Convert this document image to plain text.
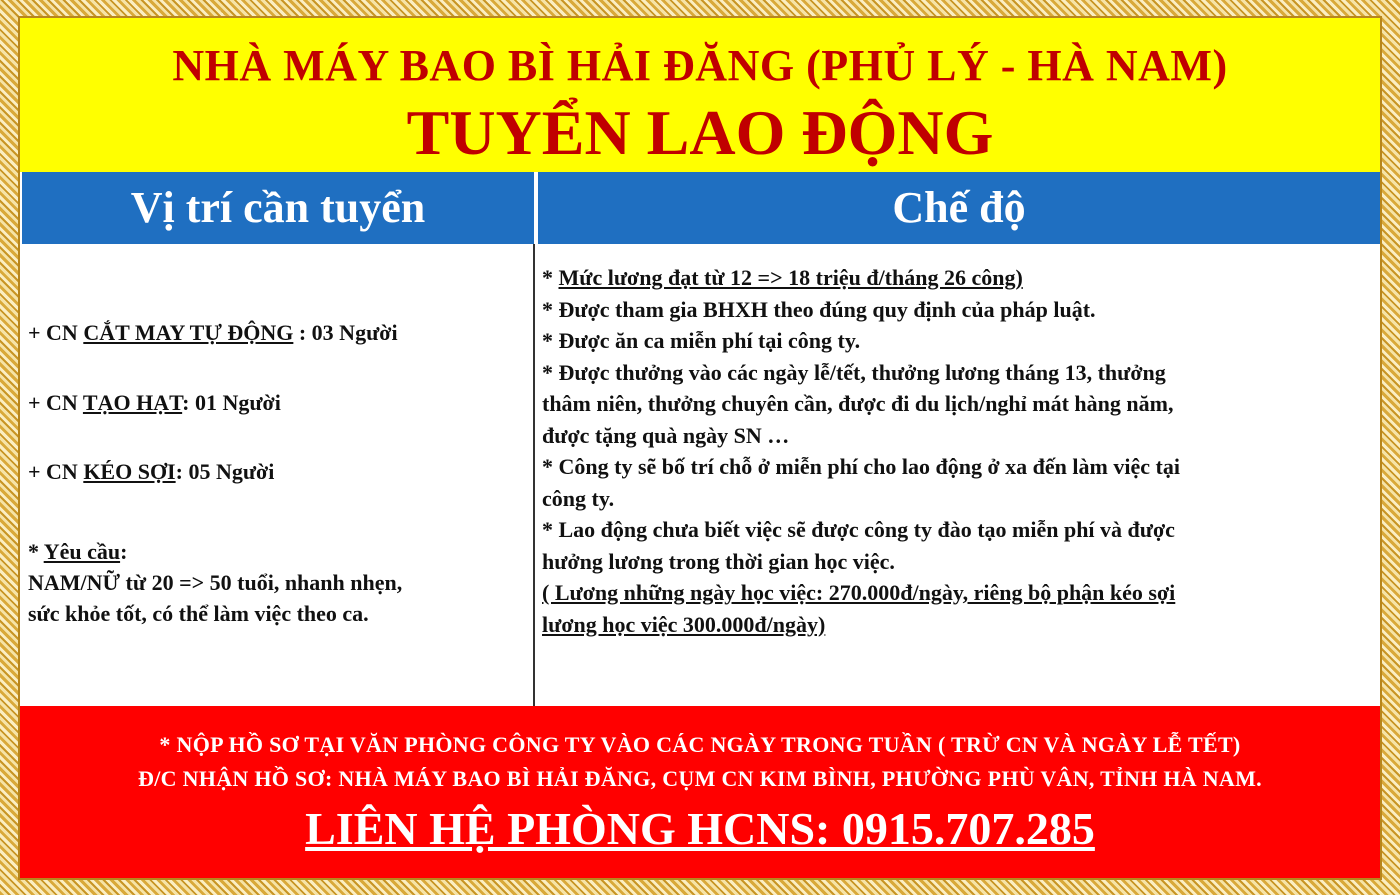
NHÀ MÁY BAO BÌ HẢI ĐĂNG (PHỦ LÝ - HÀ NAM)
TUYỂN LAO ĐỘNG
Vị trí cần tuyển	Chế độ
+ CN CẮT MAY TỰ ĐỘNG : 03 Người
+ CN TẠO HẠT: 01 Người
+ CN KÉO SỢI: 05 Người
* Yêu cầu:
NAM/NỮ từ 20 => 50 tuổi, nhanh nhẹn,
sức khỏe tốt, có thể làm việc theo ca.
* Mức lương đạt từ 12 => 18 triệu đ/tháng 26 công)
* Được tham gia BHXH theo đúng quy định của pháp luật.
* Được ăn ca miễn phí tại công ty.
* Được thưởng vào các ngày lễ/tết, thưởng lương tháng 13, thưởng
thâm niên, thưởng chuyên cần, được đi du lịch/nghỉ mát hàng năm,
được tặng quà ngày SN …
* Công ty sẽ bố trí chỗ ở miễn phí cho lao động ở xa đến làm việc tại
công ty.
* Lao động chưa biết việc sẽ được công ty đào tạo miễn phí và được
hưởng lương trong thời gian học việc.
( Lương những ngày học việc: 270.000đ/ngày, riêng bộ phận kéo sợi
lương học việc 300.000đ/ngày)
* NỘP HỒ SƠ TẠI VĂN PHÒNG CÔNG TY VÀO CÁC NGÀY TRONG TUẦN ( TRỪ CN VÀ NGÀY LỄ TẾT)
Đ/C NHẬN HỒ SƠ: NHÀ MÁY BAO BÌ HẢI ĐĂNG, CỤM CN KIM BÌNH, PHƯỜNG PHÙ VÂN, TỈNH HÀ NAM.
LIÊN HỆ PHÒNG HCNS: 0915.707.285
